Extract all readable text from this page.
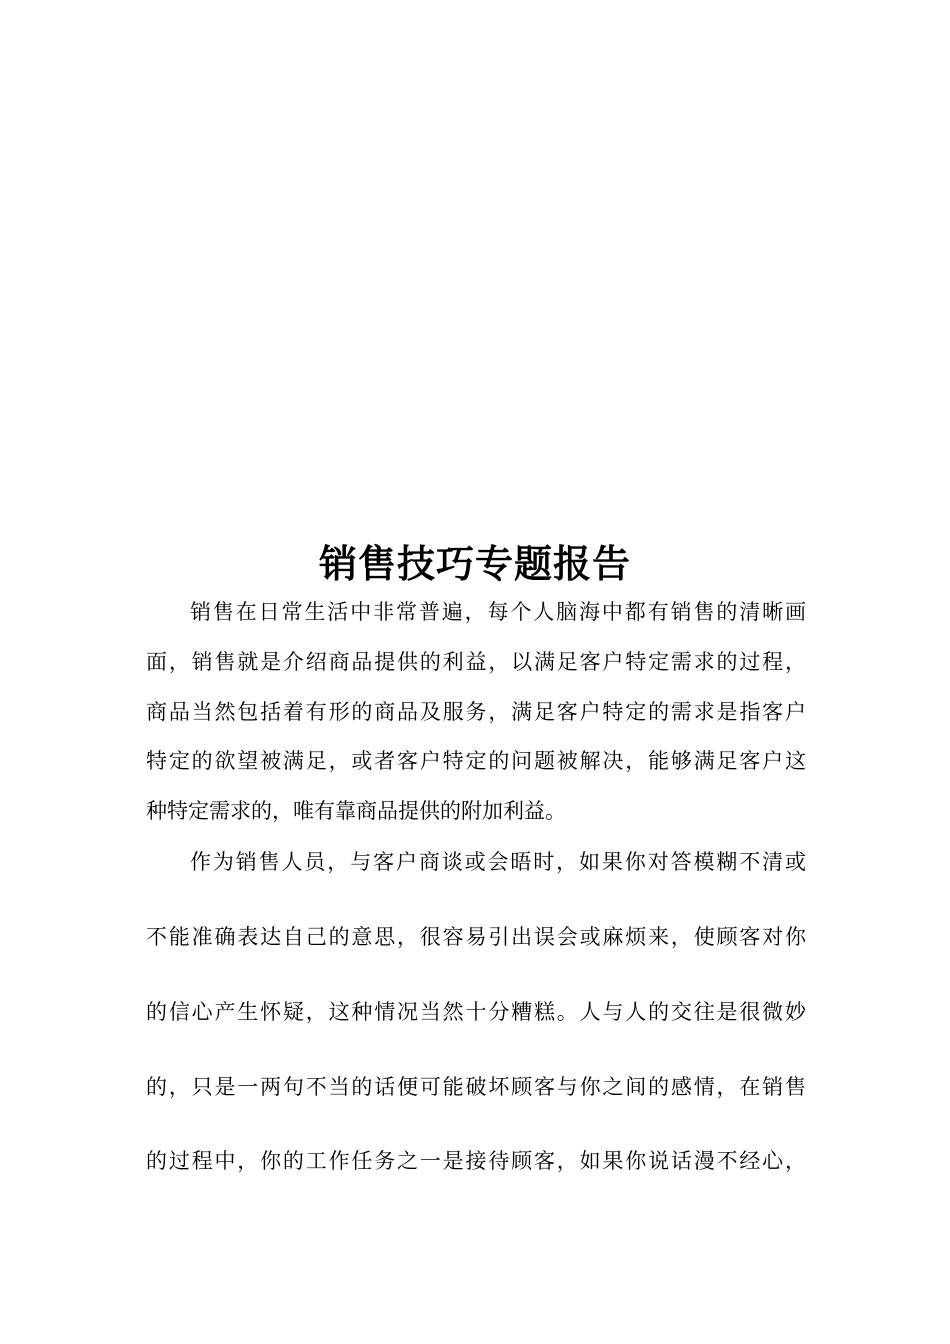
销售技巧专题报告
销售在日常生活中非常普遍，每个人脑海中都有销售的清晰画
面，销售就是介绍商品提供的利益，以满足客户特定需求的过程，
商品当然包括着有形的商品及服务，满足客户特定的需求是指客户
特定的欲望被满足，或者客户特定的问题被解决，能够满足客户这
种特定需求的，唯有靠商品提供的附加利益。
作为销售人员，与客户商谈或会晤时，如果你对答模糊不清或
不能准确表达自己的意思，很容易引出误会或麻烦来，使顾客对你
的信心产生怀疑，这种情况当然十分糟糕。人与人的交往是很微妙
的，只是一两句不当的话便可能破坏顾客与你之间的感情，在销售
的过程中，你的工作任务之一是接待顾客，如果你说话漫不经心，
